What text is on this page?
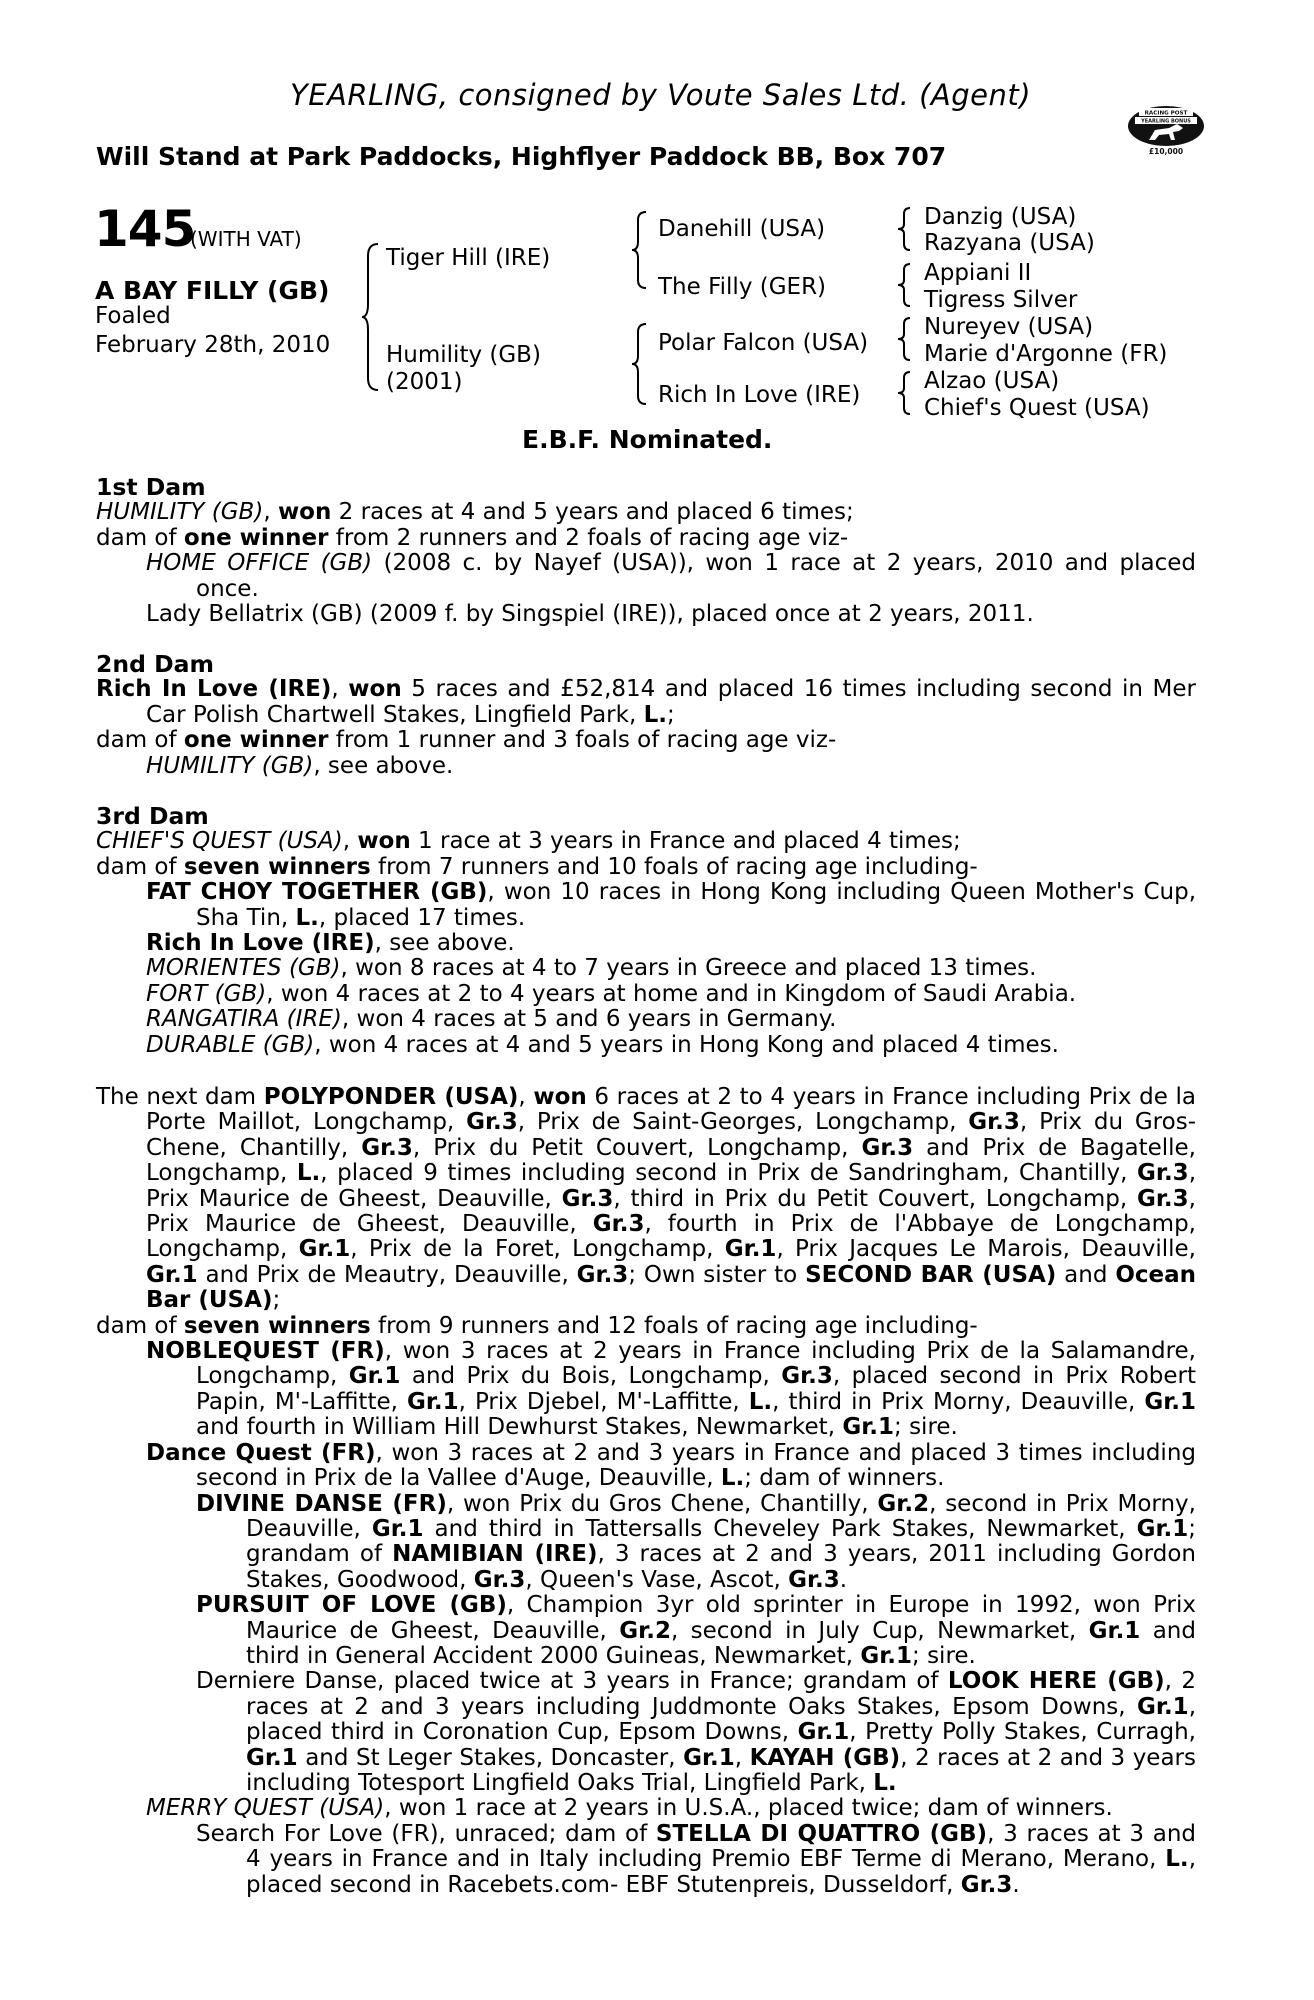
YEARLING, consigned by Voute Sales Ltd. (Agent)
Will Stand at Park Paddocks, Highflyer Paddock BB, Box 707
RACING POST
YEARLING BONUS
£10,000
145
(WITH VAT)
A BAY FILLY (GB)
Foaled
February 28th, 2010
Tiger Hill (IRE)
Humility (GB)
(2001)
Danehill (USA)
The Filly (GER)
Polar Falcon (USA)
Rich In Love (IRE)
Danzig (USA)
Razyana (USA)
Appiani II
Tigress Silver
Nureyev (USA)
Marie d'Argonne (FR)
Alzao (USA)
Chief's Quest (USA)
E.B.F. Nominated.

1st Dam

HUMILITY (GB), won 2 races at 4 and 5 years and placed 6 times;

dam of one winner from 2 runners and 2 foals of racing age viz-

HOME OFFICE (GB) (2008 c. by Nayef (USA)), won 1 race at 2 years, 2010 and placed once.

Lady Bellatrix (GB) (2009 f. by Singspiel (IRE)), placed once at 2 years, 2011.

2nd Dam

Rich In Love (IRE), won 5 races and £52,814 and placed 16 times including second in Mer Car Polish Chartwell Stakes, Lingfield Park, L.;

dam of one winner from 1 runner and 3 foals of racing age viz-

HUMILITY (GB), see above.

3rd Dam

CHIEF'S QUEST (USA), won 1 race at 3 years in France and placed 4 times;

dam of seven winners from 7 runners and 10 foals of racing age including-

FAT CHOY TOGETHER (GB), won 10 races in Hong Kong including Queen Mother's Cup, Sha Tin, L., placed 17 times.

Rich In Love (IRE), see above.

MORIENTES (GB), won 8 races at 4 to 7 years in Greece and placed 13 times.

FORT (GB), won 4 races at 2 to 4 years at home and in Kingdom of Saudi Arabia.

RANGATIRA (IRE), won 4 races at 5 and 6 years in Germany.

DURABLE (GB), won 4 races at 4 and 5 years in Hong Kong and placed 4 times.

The next dam POLYPONDER (USA), won 6 races at 2 to 4 years in France including Prix de la Porte Maillot, Longchamp, Gr.3, Prix de Saint-Georges, Longchamp, Gr.3, Prix du Gros-Chene, Chantilly, Gr.3, Prix du Petit Couvert, Longchamp, Gr.3 and Prix de Bagatelle, Longchamp, L., placed 9 times including second in Prix de Sandringham, Chantilly, Gr.3, Prix Maurice de Gheest, Deauville, Gr.3, third in Prix du Petit Couvert, Longchamp, Gr.3, Prix Maurice de Gheest, Deauville, Gr.3, fourth in Prix de l'Abbaye de Longchamp, Longchamp, Gr.1, Prix de la Foret, Longchamp, Gr.1, Prix Jacques Le Marois, Deauville, Gr.1 and Prix de Meautry, Deauville, Gr.3; Own sister to SECOND BAR (USA) and Ocean Bar (USA);

dam of seven winners from 9 runners and 12 foals of racing age including-

NOBLEQUEST (FR), won 3 races at 2 years in France including Prix de la Salamandre, Longchamp, Gr.1 and Prix du Bois, Longchamp, Gr.3, placed second in Prix Robert Papin, M'-Laffitte, Gr.1, Prix Djebel, M'-Laffitte, L., third in Prix Morny, Deauville, Gr.1 and fourth in William Hill Dewhurst Stakes, Newmarket, Gr.1; sire.

Dance Quest (FR), won 3 races at 2 and 3 years in France and placed 3 times including second in Prix de la Vallee d'Auge, Deauville, L.; dam of winners.

DIVINE DANSE (FR), won Prix du Gros Chene, Chantilly, Gr.2, second in Prix Morny, Deauville, Gr.1 and third in Tattersalls Cheveley Park Stakes, Newmarket, Gr.1; grandam of NAMIBIAN (IRE), 3 races at 2 and 3 years, 2011 including Gordon Stakes, Goodwood, Gr.3, Queen's Vase, Ascot, Gr.3.

PURSUIT OF LOVE (GB), Champion 3yr old sprinter in Europe in 1992, won Prix Maurice de Gheest, Deauville, Gr.2, second in July Cup, Newmarket, Gr.1 and third in General Accident 2000 Guineas, Newmarket, Gr.1; sire.

Derniere Danse, placed twice at 3 years in France; grandam of LOOK HERE (GB), 2 races at 2 and 3 years including Juddmonte Oaks Stakes, Epsom Downs, Gr.1, placed third in Coronation Cup, Epsom Downs, Gr.1, Pretty Polly Stakes, Curragh, Gr.1 and St Leger Stakes, Doncaster, Gr.1, KAYAH (GB), 2 races at 2 and 3 years including Totesport Lingfield Oaks Trial, Lingfield Park, L.

MERRY QUEST (USA), won 1 race at 2 years in U.S.A., placed twice; dam of winners.

Search For Love (FR), unraced; dam of STELLA DI QUATTRO (GB), 3 races at 3 and 4 years in France and in Italy including Premio EBF Terme di Merano, Merano, L., placed second in Racebets.com- EBF Stutenpreis, Dusseldorf, Gr.3.
